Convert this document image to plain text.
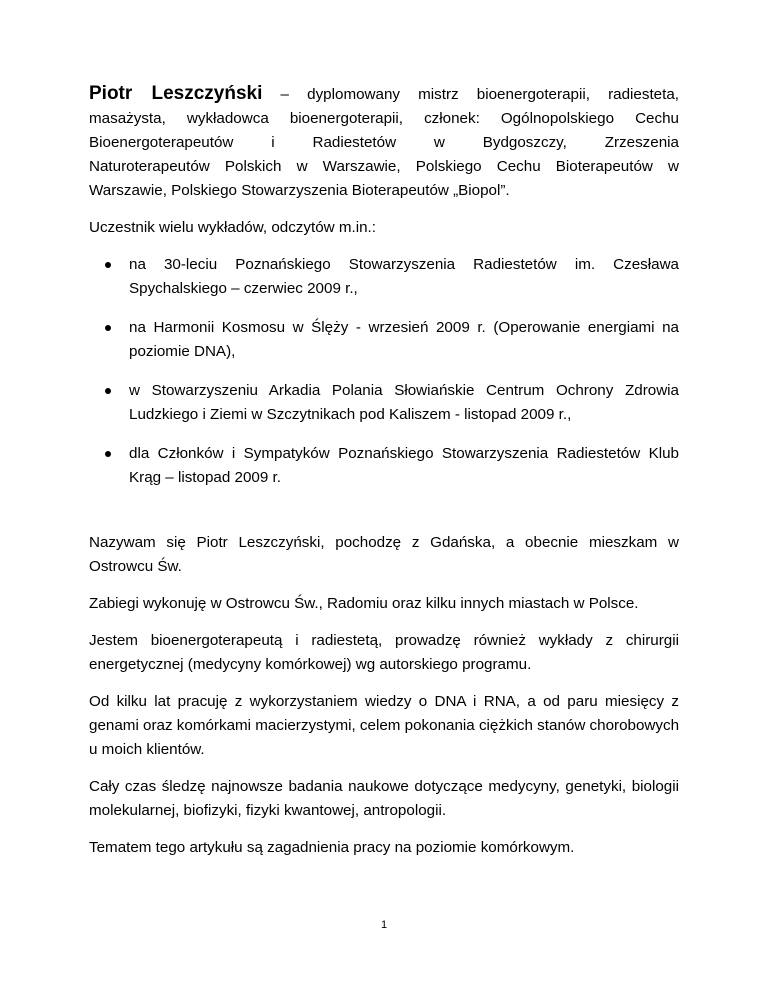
Piotr Leszczyński – dyplomowany mistrz bioenergoterapii, radiesteta,
masażysta, wykładowca bioenergoterapii, członek: Ogólnopolskiego Cechu
Bioenergoterapeutów i Radiestetów w Bydgoszczy, Zrzeszenia
Naturoterapeutów Polskich w Warszawie, Polskiego Cechu Bioterapeutów w
Warszawie, Polskiego Stowarzyszenia Bioterapeutów „Biopol”.

Uczestnik wielu wykładów, odczytów m.in.:

na 30-leciu Poznańskiego Stowarzyszenia Radiestetów im. Czesława Spychalskiego – czerwiec 2009 r.,
na Harmonii Kosmosu w Ślęży - wrzesień 2009 r. (Operowanie energiami na poziomie DNA),
w Stowarzyszeniu Arkadia Polania Słowiańskie Centrum Ochrony Zdrowia Ludzkiego i Ziemi w Szczytnikach pod Kaliszem - listopad 2009 r.,
dla Członków i Sympatyków Poznańskiego Stowarzyszenia Radiestetów Klub Krąg – listopad 2009 r.

Nazywam się Piotr Leszczyński, pochodzę z Gdańska, a obecnie mieszkam w Ostrowcu Św.

Zabiegi wykonuję w Ostrowcu Św., Radomiu oraz kilku innych miastach w Polsce.

Jestem bioenergoterapeutą i radiestetą, prowadzę również wykłady z chirurgii energetycznej (medycyny komórkowej) wg autorskiego programu.

Od kilku lat pracuję z wykorzystaniem wiedzy o DNA i RNA, a od paru miesięcy z genami oraz komórkami macierzystymi, celem pokonania ciężkich stanów chorobowych u moich klientów.

Cały czas śledzę najnowsze badania naukowe dotyczące medycyny, genetyki, biologii molekularnej, biofizyki, fizyki kwantowej, antropologii.

Tematem tego artykułu są zagadnienia pracy na poziomie komórkowym.

1
